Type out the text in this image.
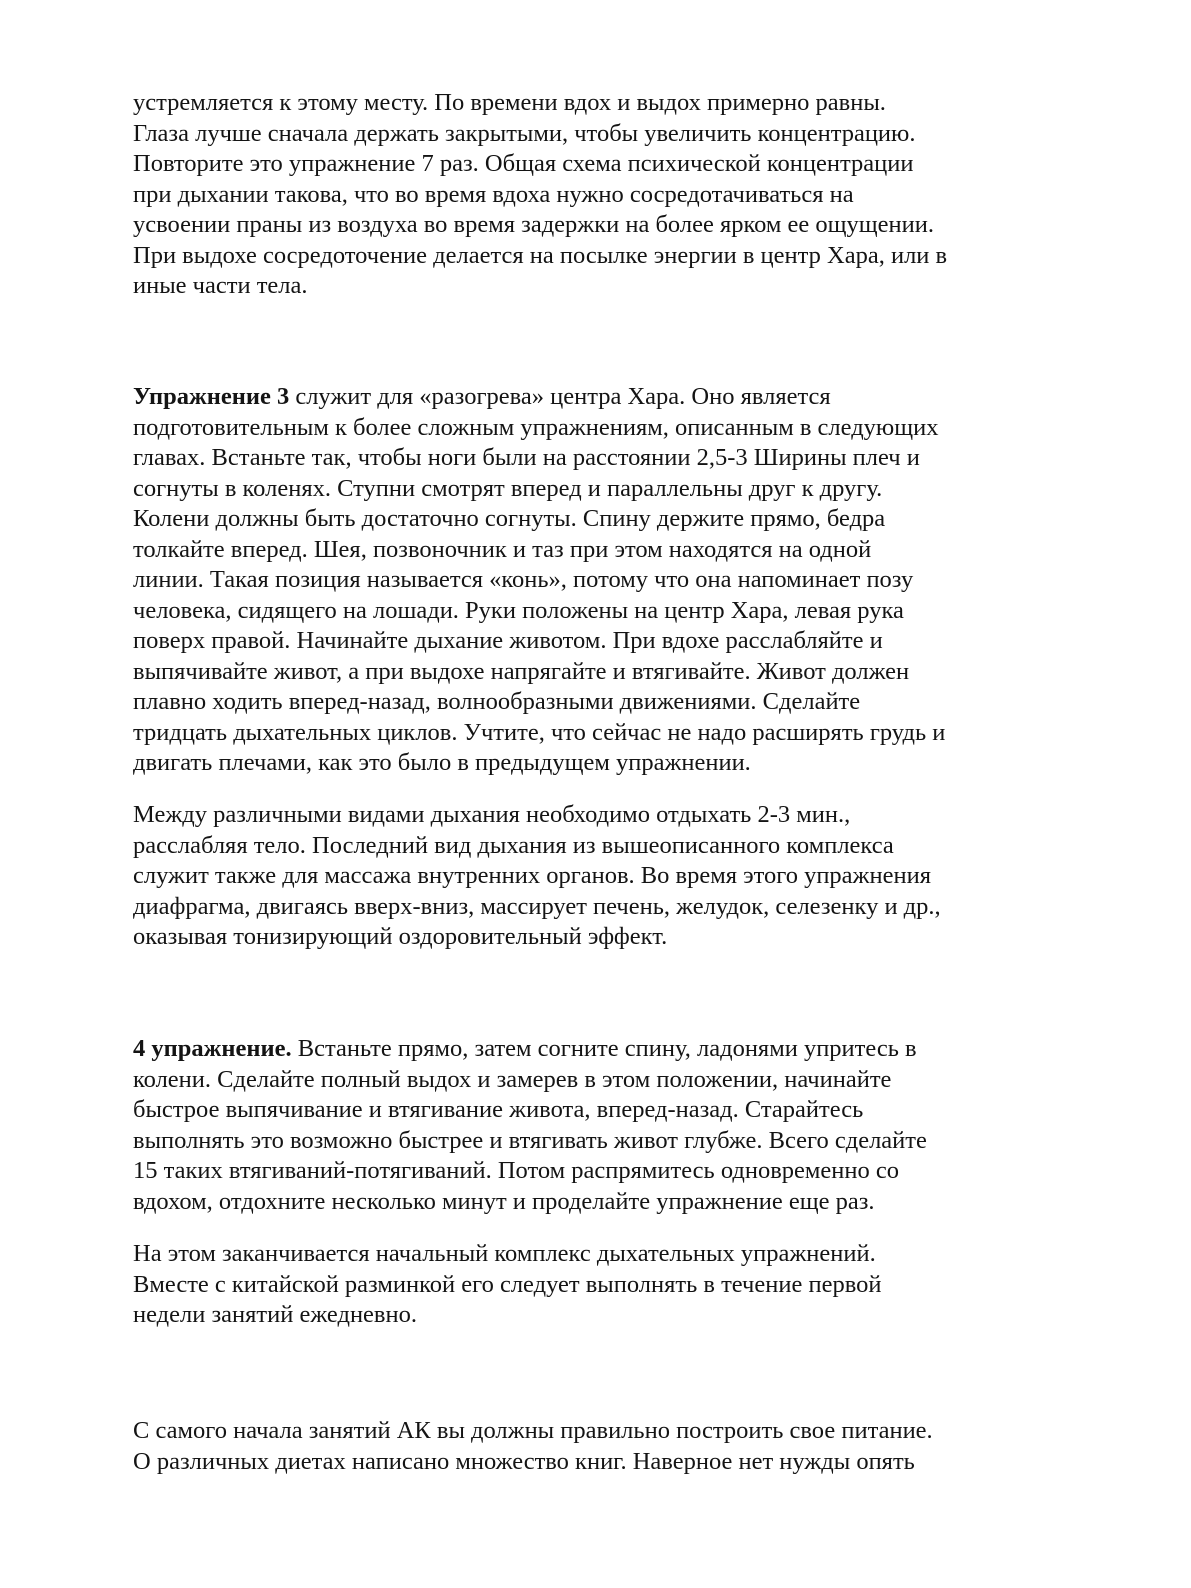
устремляется к этому месту. По времени вдох и выдох примерно равны.
Глаза лучше сначала держать закрытыми, чтобы увеличить концентрацию.
Повторите это упражнение 7 раз. Общая схема психической концентрации
при дыхании такова, что во время вдоха нужно сосредотачиваться на
усвоении праны из воздуха во время задержки на более ярком ее ощущении.
При выдохе сосредоточение делается на посылке энергии в центр Хара, или в
иные части тела.

Упражнение 3 служит для «разогрева» центра Хара. Оно является
подготовительным к более сложным упражнениям, описанным в следующих
главах. Встаньте так, чтобы ноги были на расстоянии 2,5-3 Ширины плеч и
согнуты в коленях. Ступни смотрят вперед и параллельны друг к другу.
Колени должны быть достаточно согнуты. Спину держите прямо, бедра
толкайте вперед. Шея, позвоночник и таз при этом находятся на одной
линии. Такая позиция называется «конь», потому что она напоминает позу
человека, сидящего на лошади. Руки положены на центр Хара, левая рука
поверх правой. Начинайте дыхание животом. При вдохе расслабляйте и
выпячивайте живот, а при выдохе напрягайте и втягивайте. Живот должен
плавно ходить вперед-назад, волнообразными движениями. Сделайте
тридцать дыхательных циклов. Учтите, что сейчас не надо расширять грудь и
двигать плечами, как это было в предыдущем упражнении.

Между различными видами дыхания необходимо отдыхать 2-3 мин.,
расслабляя тело. Последний вид дыхания из вышеописанного комплекса
служит также для массажа внутренних органов. Во время этого упражнения
диафрагма, двигаясь вверх-вниз, массирует печень, желудок, селезенку и др.,
оказывая тонизирующий оздоровительный эффект.

4 упражнение. Встаньте прямо, затем согните спину, ладонями упритесь в
колени. Сделайте полный выдох и замерев в этом положении, начинайте
быстрое выпячивание и втягивание живота, вперед-назад. Старайтесь
выполнять это возможно быстрее и втягивать живот глубже. Всего сделайте
15 таких втягиваний-потягиваний. Потом распрямитесь одновременно со
вдохом, отдохните несколько минут и проделайте упражнение еще раз.

На этом заканчивается начальный комплекс дыхательных упражнений.
Вместе с китайской разминкой его следует выполнять в течение первой
недели занятий ежедневно.

С самого начала занятий АК вы должны правильно построить свое питание.
О различных диетах написано множество книг. Наверное нет нужды опять
